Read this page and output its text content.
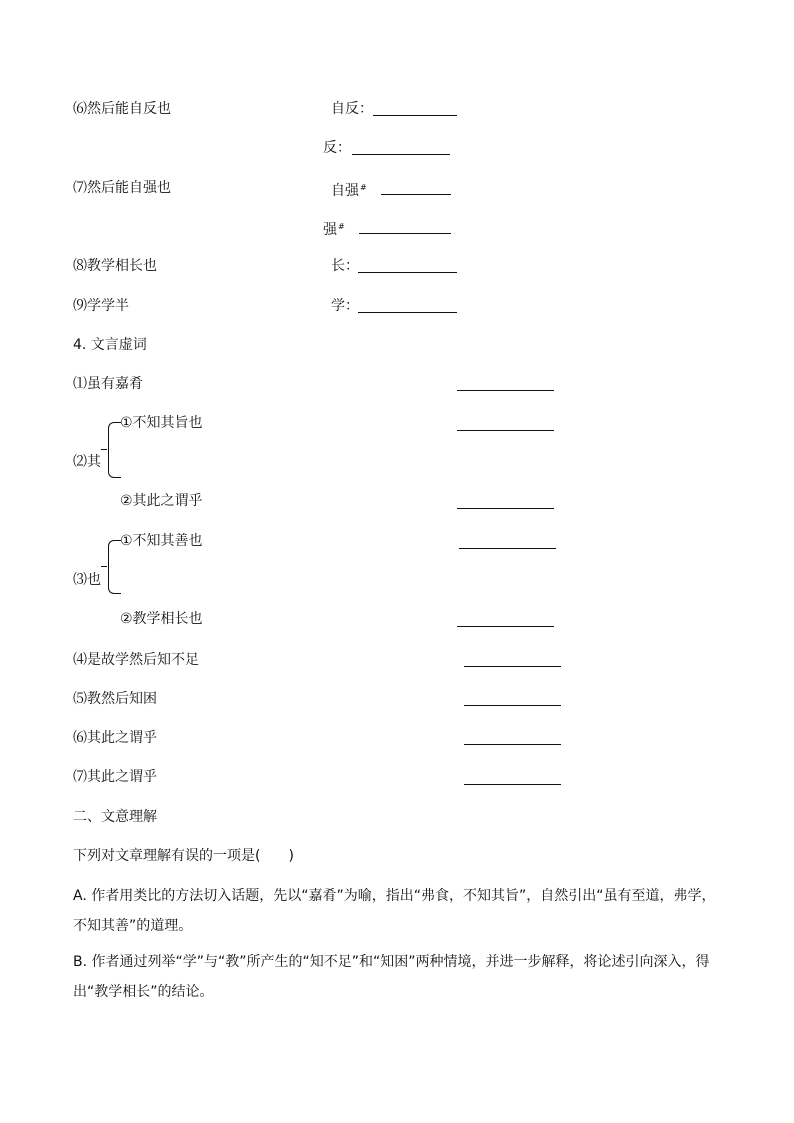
⑹然后能自反也	自反：
反：
⑺然后能自强也	自强#
强#
⑻教学相长也	长：
⑼学学半	学：
4. 文言虚词
⑴虽有嘉肴
①不知其旨也
⑵其
②其此之谓乎
①不知其善也
⑶也
②教学相长也
⑷是故学然后知不足
⑸教然后知困
⑹其此之谓乎
⑺其此之谓乎
二、文意理解
下列对文章理解有误的一项是(　　)
A. 作者用类比的方法切入话题，先以“嘉肴”为喻，指出“弗食，不知其旨”，自然引出“虽有至道，弗学，不知其善”的道理。
B. 作者通过列举“学”与“教”所产生的“知不足”和“知困”两种情境，并进一步解释，将论述引向深入，得出“教学相长”的结论。
